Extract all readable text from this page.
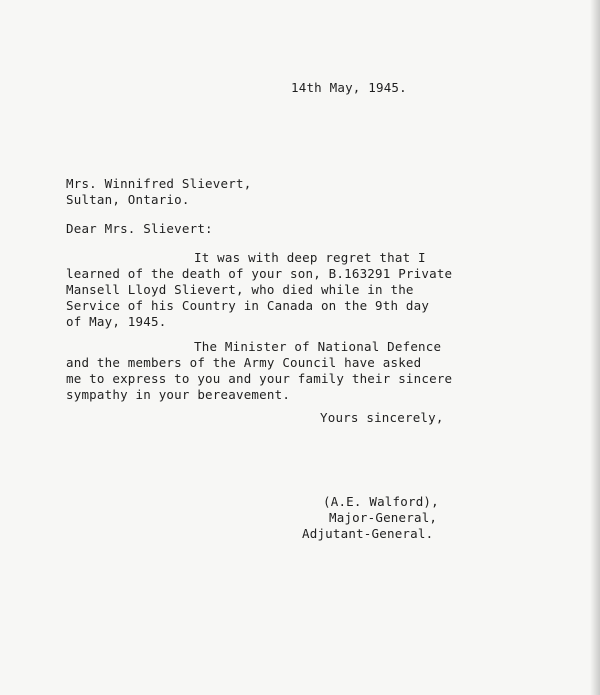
14th May, 1945.
Mrs. Winnifred Slievert,
Sultan, Ontario.
Dear Mrs. Slievert:
It was with deep regret that I
learned of the death of your son, B.163291 Private
Mansell Lloyd Slievert, who died while in the
Service of his Country in Canada on the 9th day
of May, 1945.
The Minister of National Defence
and the members of the Army Council have asked
me to express to you and your family their sincere
sympathy in your bereavement.
Yours sincerely,
(A.E. Walford),
Major-General,
Adjutant-General.
